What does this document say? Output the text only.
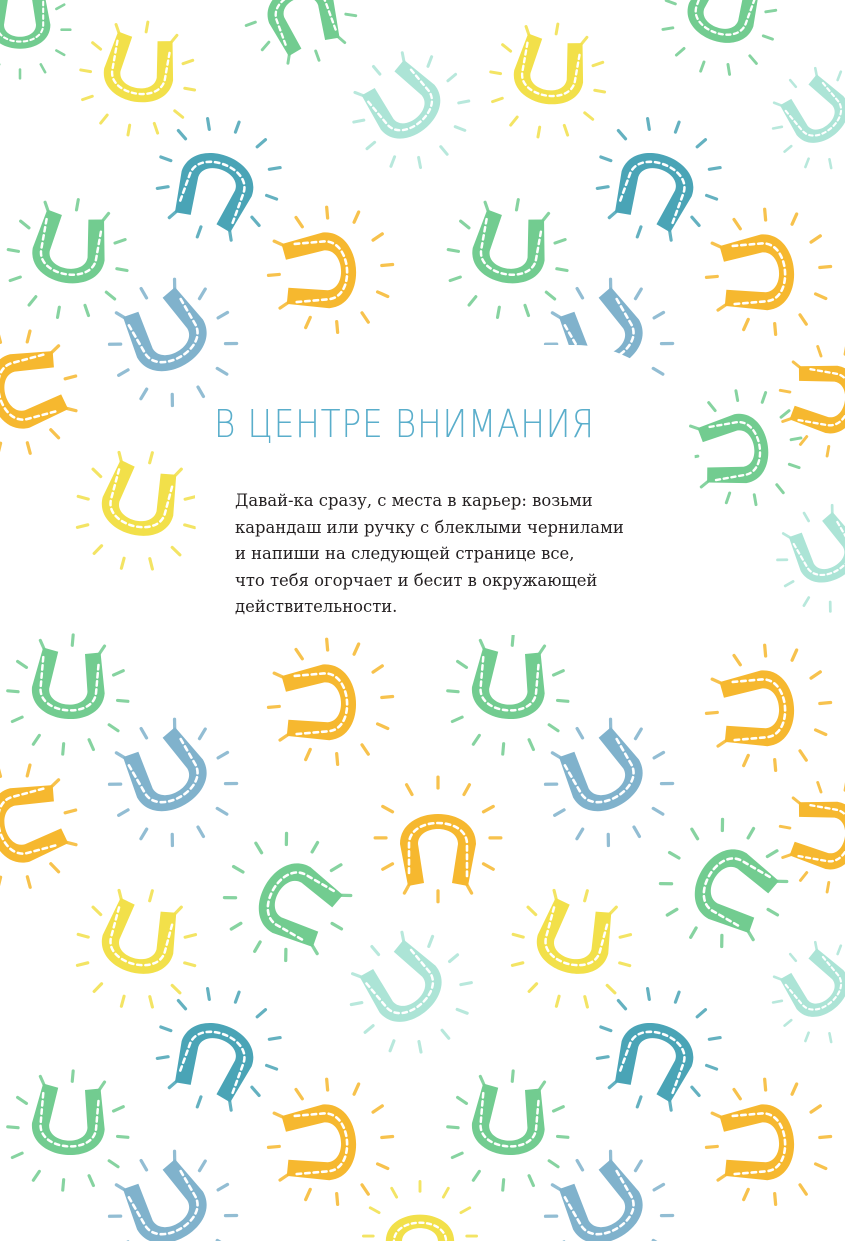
В ЦЕНТРЕ ВНИМАНИЯ
Давай-ка сразу, с места в карьер: возьми
карандаш или ручку с блеклыми чернилами
и напиши на следующей странице все,
что тебя огорчает и бесит в окружающей
действительности.
